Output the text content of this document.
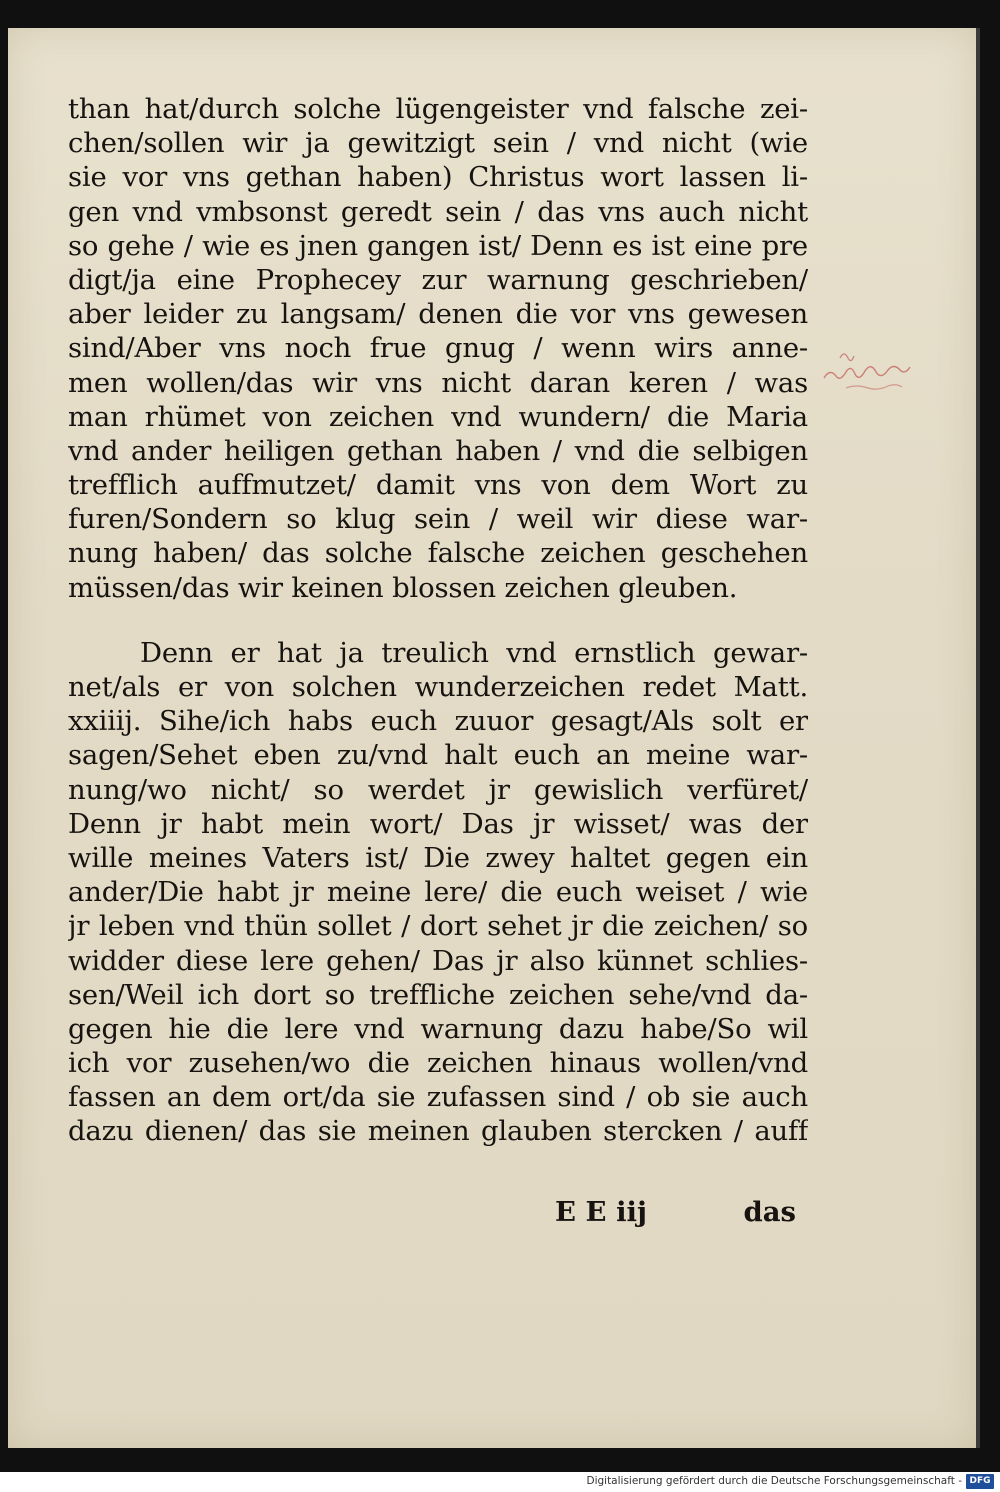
than hat/durch solche lügengeister vnd falsche zei-
chen/sollen wir ja gewitzigt sein / vnd nicht (wie
sie vor vns gethan haben) Christus wort lassen li-
gen vnd vmbsonst geredt sein / das vns auch nicht
so gehe / wie es jnen gangen ist/ Denn es ist eine pre
digt/ja eine Prophecey zur warnung geschrieben/
aber leider zu langsam/ denen die vor vns gewesen
sind/Aber vns noch frue gnug / wenn wirs anne-
men wollen/das wir vns nicht daran keren / was
man rhümet von zeichen vnd wundern/ die Maria
vnd ander heiligen gethan haben / vnd die selbigen
trefflich auffmutzet/ damit vns von dem Wort zu
furen/Sondern so klug sein / weil wir diese war-
nung haben/ das solche falsche zeichen geschehen
müssen/das wir keinen blossen zeichen gleuben.
Denn er hat ja treulich vnd ernstlich gewar-
net/als er von solchen wunderzeichen redet Matt.
xxiiij. Sihe/ich habs euch zuuor gesagt/Als solt er
sagen/Sehet eben zu/vnd halt euch an meine war-
nung/wo nicht/ so werdet jr gewislich verfüret/
Denn jr habt mein wort/ Das jr wisset/ was der
wille meines Vaters ist/ Die zwey haltet gegen ein
ander/Die habt jr meine lere/ die euch weiset / wie
jr leben vnd thün sollet / dort sehet jr die zeichen/ so
widder diese lere gehen/ Das jr also künnet schlies-
sen/Weil ich dort so treffliche zeichen sehe/vnd da-
gegen hie die lere vnd warnung dazu habe/So wil
ich vor zusehen/wo die zeichen hinaus wollen/vnd
fassen an dem ort/da sie zufassen sind / ob sie auch
dazu dienen/ das sie meinen glauben stercken / auff
E E iij	das
Digitalisierung gefördert durch die Deutsche Forschungsgemeinschaft - DFG
